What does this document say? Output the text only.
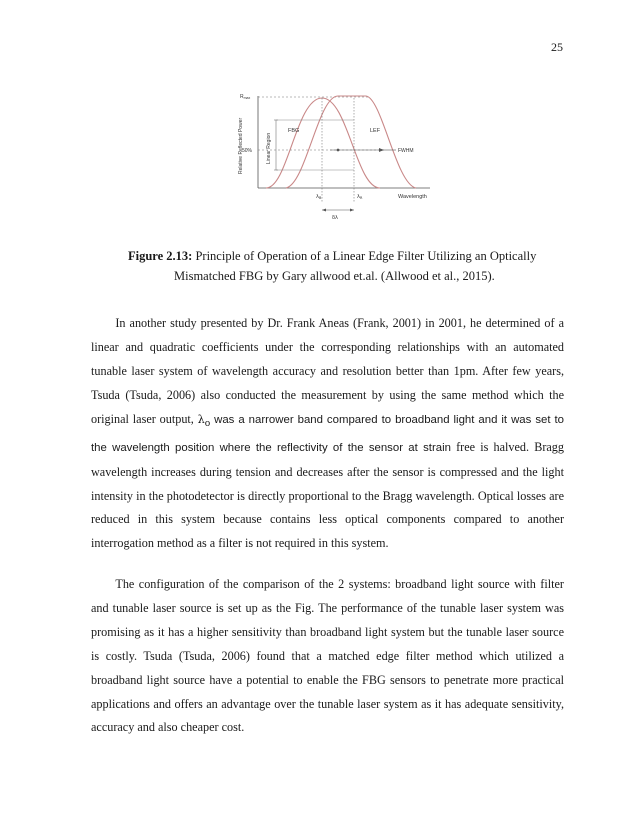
25
$R_{max}$
Relative Reflected Power	Linear Region
FBG	LEF
50%	FWHM
$\lambda_B$	$\lambda_R$
δλ
Wavelength
Figure 2.13: Principle of Operation of a Linear Edge Filter Utilizing an Optically
Mismatched FBG by Gary allwood et.al. (Allwood et al., 2015).

  In another study presented by Dr. Frank Aneas (Frank, 2001) in 2001, he determined of a linear and quadratic coefficients under the corresponding relationships with an automated tunable laser system of wavelength accuracy and resolution better than 1pm. After few years, Tsuda (Tsuda, 2006) also conducted the measurement by using the same method which the original laser output, $\lambda_o$ was a narrower band compared to broadband light and it was set to the wavelength position where the reflectivity of the sensor at strain free is halved. Bragg wavelength increases during tension and decreases after the sensor is compressed and the light intensity in the photodetector is directly proportional to the Bragg wavelength. Optical losses are reduced in this system because contains less optical components compared to another interrogation method as a filter is not required in this system.

  The configuration of the comparison of the 2 systems: broadband light source with filter and tunable laser source is set up as the Fig. The performance of the tunable laser system was promising as it has a higher sensitivity than broadband light system but the tunable laser source is costly. Tsuda (Tsuda, 2006) found that a matched edge filter method which utilized a broadband light source have a potential to enable the FBG sensors to penetrate more practical applications and offers an advantage over the tunable laser system as it has adequate sensitivity, accuracy and also cheaper cost.
